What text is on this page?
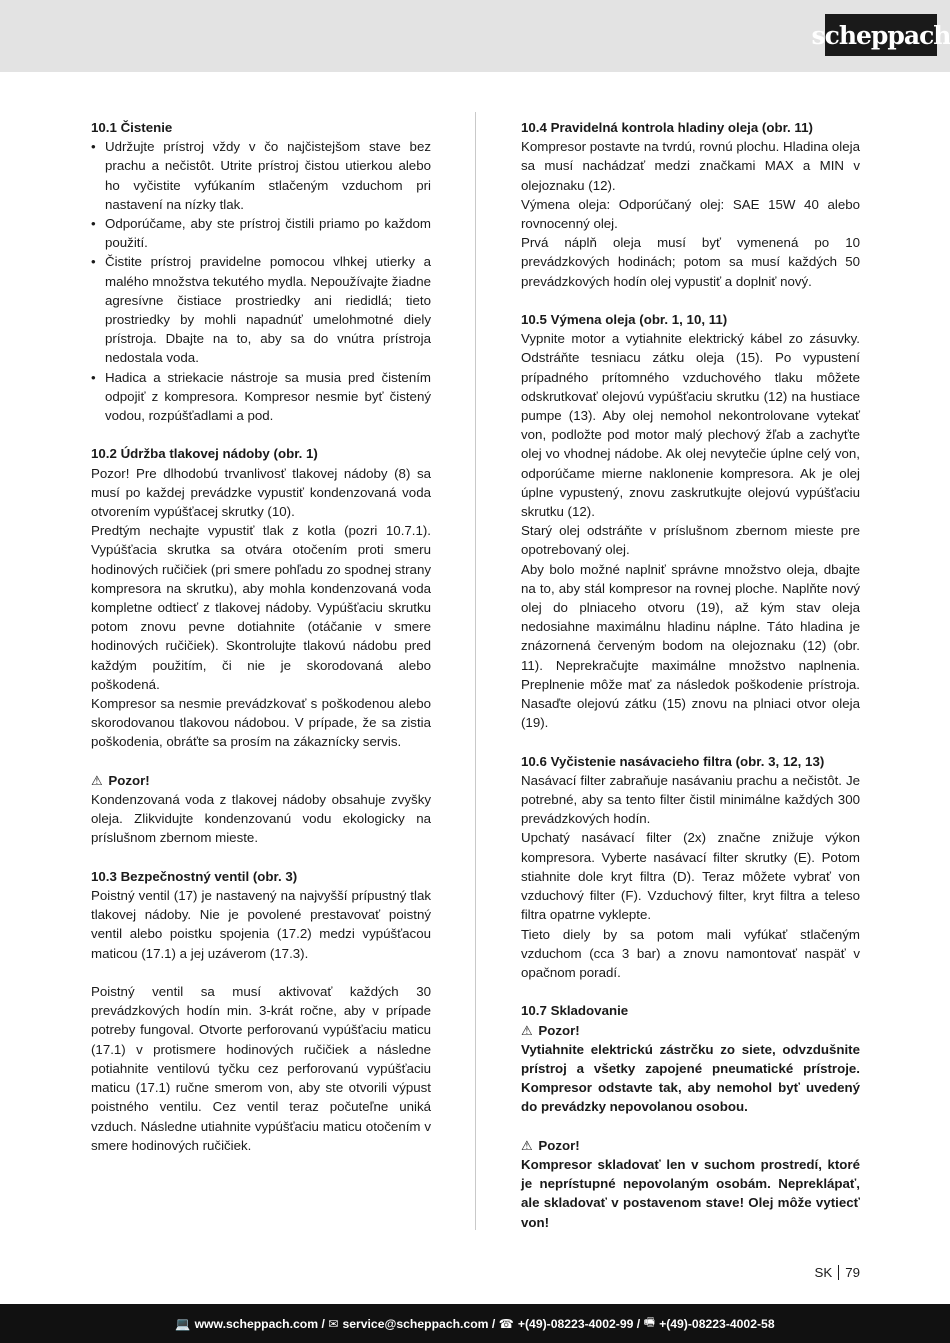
scheppach
10.1 Čistenie
• Udržujte prístroj vždy v čo najčistejšom stave bez prachu a nečistôt. Utrite prístroj čistou utierkou alebo ho vyčistite vyfúkaním stlačeným vzduchom pri nastavení na nízky tlak.
• Odporúčame, aby ste prístroj čistili priamo po každom použití.
• Čistite prístroj pravidelne pomocou vlhkej utierky a malého množstva tekutého mydla. Nepoužívajte žiadne agresívne čistiace prostriedky ani riedidlá; tieto prostriedky by mohli napadnúť umelohmotné diely prístroja. Dbajte na to, aby sa do vnútra prístroja nedostala voda.
• Hadica a striekacie nástroje sa musia pred čistením odpojiť z kompresora. Kompresor nesmie byť čistený vodou, rozpúšťadlami a pod.
10.2 Údržba tlakovej nádoby (obr. 1)

Pozor! Pre dlhodobú trvanlivosť tlakovej nádoby (8) sa musí po každej prevádzke vypustiť kondenzovaná voda otvorením vypúšťacej skrutky (10).

Predtým nechajte vypustiť tlak z kotla (pozri 10.7.1). Vypúšťacia skrutka sa otvára otočením proti smeru hodinových ručičiek (pri smere pohľadu zo spodnej strany kompresora na skrutku), aby mohla kondenzovaná voda kompletne odtiecť z tlakovej nádoby. Vypúšťaciu skrutku potom znovu pevne dotiahnite (otáčanie v smere hodinových ručičiek). Skontrolujte tlakovú nádobu pred každým použitím, či nie je skorodovaná alebo poškodená.

Kompresor sa nesmie prevádzkovať s poškodenou alebo skorodovanou tlakovou nádobou. V prípade, že sa zistia poškodenia, obráťte sa prosím na zákaznícky servis.

⚠ Pozor!

Kondenzovaná voda z tlakovej nádoby obsahuje zvyšky oleja. Zlikvidujte kondenzovanú vodu ekologicky na príslušnom zbernom mieste.

10.3 Bezpečnostný ventil (obr. 3)

Poistný ventil (17) je nastavený na najvyšší prípustný tlak tlakovej nádoby. Nie je povolené prestavovať poistný ventil alebo poistku spojenia (17.2) medzi vypúšťacou maticou (17.1) a jej uzáverom (17.3).

Poistný ventil sa musí aktivovať každých 30 prevádzkových hodín min. 3-krát ročne, aby v prípade potreby fungoval. Otvorte perforovanú vypúšťaciu maticu (17.1) v protismere hodinových ručičiek a následne potiahnite ventilovú tyčku cez perforovanú vypúšťaciu maticu (17.1) ručne smerom von, aby ste otvorili výpust poistného ventilu. Cez ventil teraz počuteľne uniká vzduch. Následne utiahnite vypúšťaciu maticu otočením v smere hodinových ručičiek.

10.4 Pravidelná kontrola hladiny oleja (obr. 11)

Kompresor postavte na tvrdú, rovnú plochu. Hladina oleja sa musí nachádzať medzi značkami MAX a MIN v olejoznaku (12).

Výmena oleja: Odporúčaný olej: SAE 15W 40 alebo rovnocenný olej.

Prvá náplň oleja musí byť vymenená po 10 prevádzkových hodinách; potom sa musí každých 50 prevádzkových hodín olej vypustiť a doplniť nový.

10.5 Výmena oleja (obr. 1, 10, 11)

Vypnite motor a vytiahnite elektrický kábel zo zásuvky. Odstráňte tesniacu zátku oleja (15). Po vypustení prípadného prítomného vzduchového tlaku môžete odskrutkovať olejovú vypúšťaciu skrutku (12) na hustiace pumpe (13). Aby olej nemohol nekontrolovane vytekať von, podložte pod motor malý plechový žľab a zachyťte olej vo vhodnej nádobe. Ak olej nevytečie úplne celý von, odporúčame mierne naklonenie kompresora. Ak je olej úplne vypustený, znovu zaskrutkujte olejovú vypúšťaciu skrutku (12).

Starý olej odstráňte v príslušnom zbernom mieste pre opotrebovaný olej.

Aby bolo možné naplniť správne množstvo oleja, dbajte na to, aby stál kompresor na rovnej ploche. Naplňte nový olej do plniaceho otvoru (19), až kým stav oleja nedosiahne maximálnu hladinu náplne. Táto hladina je znázornená červeným bodom na olejoznaku (12) (obr. 11). Neprekračujte maximálne množstvo naplnenia. Preplnenie môže mať za následok poškodenie prístroja. Nasaďte olejovú zátku (15) znovu na plniaci otvor oleja (19).

10.6 Vyčistenie nasávacieho filtra (obr. 3, 12, 13)

Nasávací filter zabraňuje nasávaniu prachu a nečistôt. Je potrebné, aby sa tento filter čistil minimálne každých 300 prevádzkových hodín.

Upchatý nasávací filter (2x) značne znižuje výkon kompresora. Vyberte nasávací filter skrutky (E). Potom stiahnite dole kryt filtra (D). Teraz môžete vybrať von vzduchový filter (F). Vzduchový filter, kryt filtra a teleso filtra opatrne vyklepte.

Tieto diely by sa potom mali vyfúkať stlačeným vzduchom (cca 3 bar) a znovu namontovať naspäť v opačnom poradí.

10.7 Skladovanie

⚠ Pozor!

Vytiahnite elektrickú zástrčku zo siete, odvzdušnite prístroj a všetky zapojené pneumatické prístroje. Kompresor odstavte tak, aby nemohol byť uvedený do prevádzky nepovolanou osobou.

⚠ Pozor!

Kompresor skladovať len v suchom prostredí, ktoré je neprístupné nepovolaným osobám. Nepreklápať, ale skladovať v postavenom stave! Olej môže vytiecť von!

SK 79
💻 www.scheppach.com / ✉ service@scheppach.com / ☎ +(49)-08223-4002-99 / 🖷 +(49)-08223-4002-58
